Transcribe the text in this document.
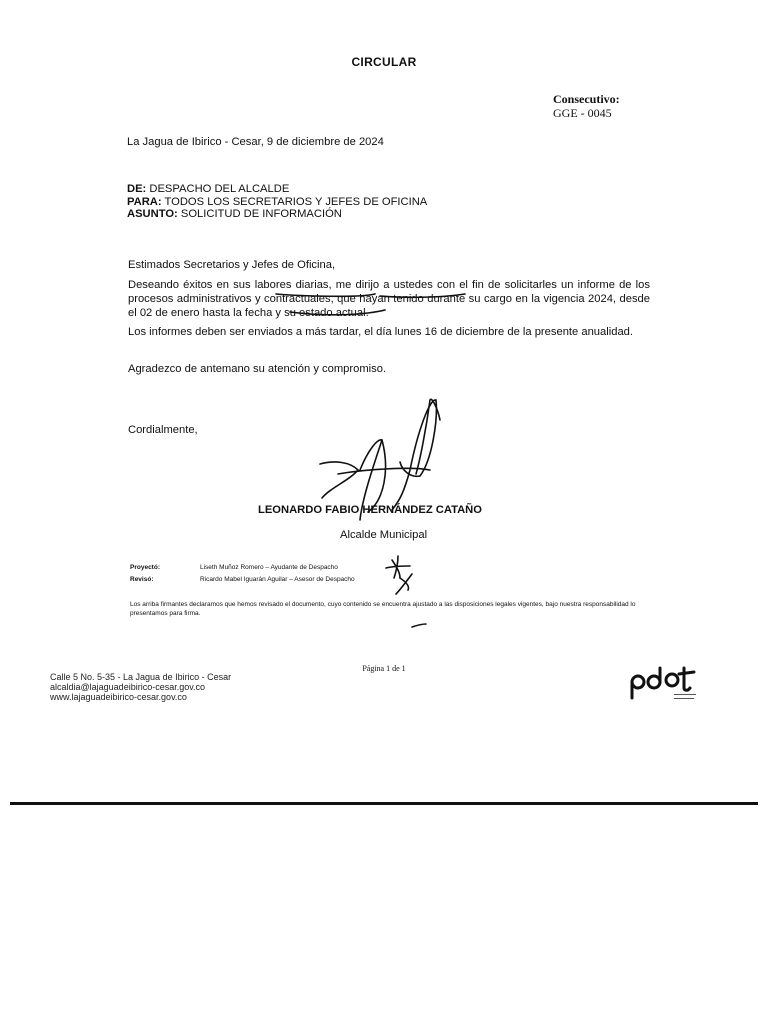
CIRCULAR
Consecutivo:
GGE - 0045
La Jagua de Ibirico - Cesar, 9 de diciembre de 2024
DE: DESPACHO DEL ALCALDE
PARA: TODOS LOS SECRETARIOS Y JEFES DE OFICINA
ASUNTO: SOLICITUD DE INFORMACIÓN
Estimados Secretarios y Jefes de Oficina,
Deseando éxitos en sus labores diarias, me dirijo a ustedes con el fin de solicitarles un informe de los procesos administrativos y contractuales, que hayan tenido durante su cargo en la vigencia 2024, desde el 02 de enero hasta la fecha y su estado actual.
Los informes deben ser enviados a más tardar, el día lunes 16 de diciembre de la presente anualidad.
Agradezco de antemano su atención y compromiso.
Cordialmente,
LEONARDO FABIO HERNÁNDEZ CATAÑO
Alcalde Municipal
Proyectó:	Liseth Muñoz Romero – Ayudante de Despacho
Revisó:	Ricardo Mabel Iguarán Aguilar – Asesor de Despacho
Los arriba firmantes declaramos que hemos revisado el documento, cuyo contenido se encuentra ajustado a las disposiciones legales vigentes, bajo nuestra responsabilidad lo presentamos para firma.
Página 1 de 1
Calle 5 No. 5-35 - La Jagua de Ibirico - Cesar
alcaldia@lajaguadeibirico-cesar.gov.co
www.lajaguadeibirico-cesar.gov.co
